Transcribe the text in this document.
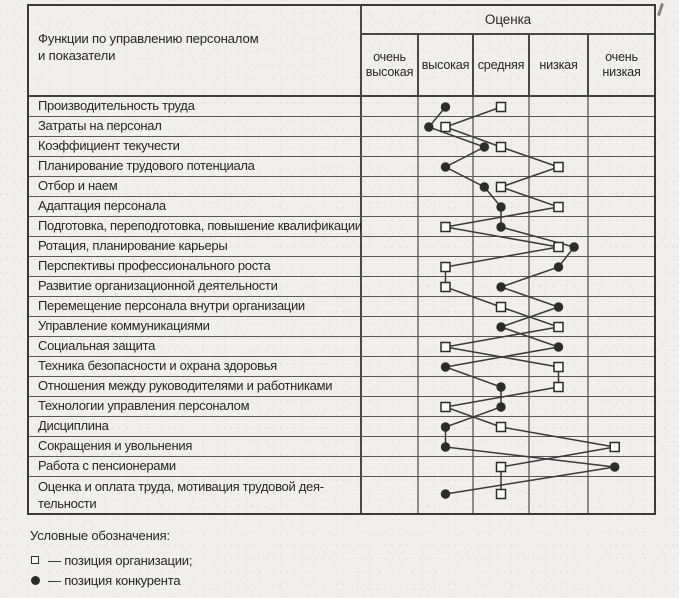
Функции по управлению персоналом
и показатели
Оценка
очень высокая
высокая средняя	низкая
очень низкая
Производительность труда
Затраты на персонал
Коэффициент текучести
Планирование трудового потенциала
Отбор и наем
Адаптация персонала
Подготовка, переподготовка, повышение квалификации
Ротация, планирование карьеры
Перспективы профессионального роста
Развитие организационной деятельности
Перемещение персонала внутри организации
Управление коммуникациями
Социальная защита
Техника безопасности и охрана здоровья
Отношения между руководителями и работниками
Технологии управления персоналом
Дисциплина
Сокращения и увольнения
Работа с пенсионерами
Оценка и оплата труда, мотивация трудовой деятельности
Условные обозначения:
— позиция организации;
— позиция конкурента
